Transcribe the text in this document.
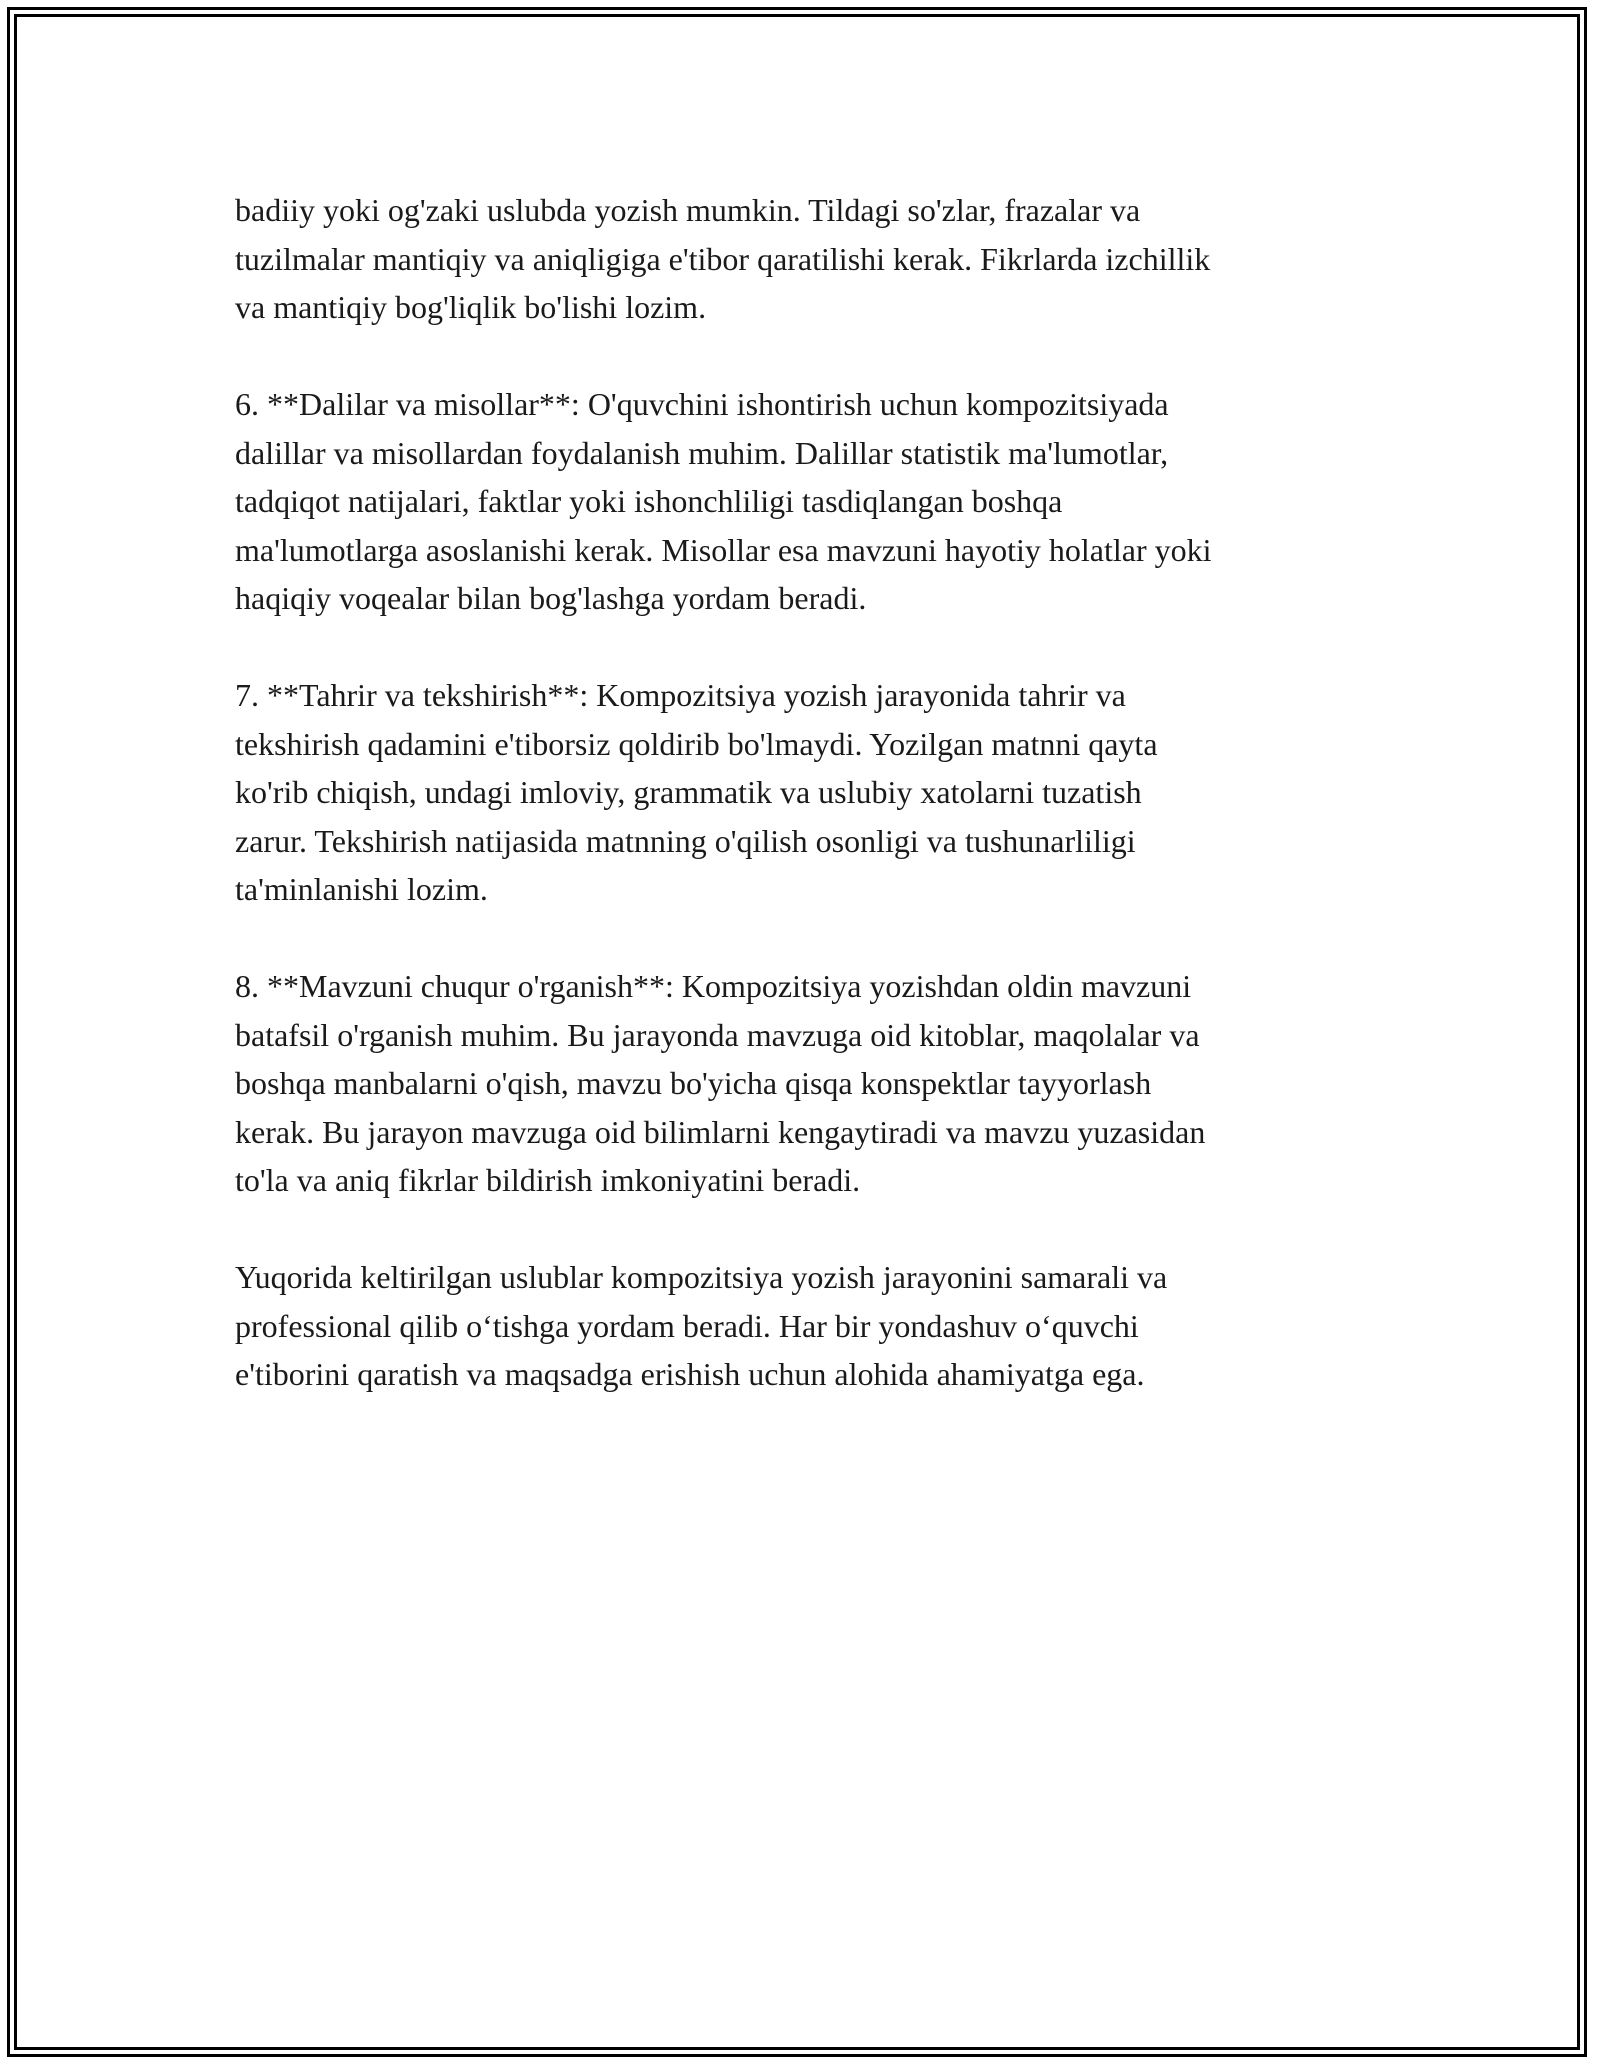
badiiy yoki og'zaki uslubda yozish mumkin. Tildagi so'zlar, frazalar va
tuzilmalar mantiqiy va aniqligiga e'tibor qaratilishi kerak. Fikrlarda izchillik
va mantiqiy bog'liqlik bo'lishi lozim.

6. **Dalilar va misollar**: O'quvchini ishontirish uchun kompozitsiyada
dalillar va misollardan foydalanish muhim. Dalillar statistik ma'lumotlar,
tadqiqot natijalari, faktlar yoki ishonchliligi tasdiqlangan boshqa
ma'lumotlarga asoslanishi kerak. Misollar esa mavzuni hayotiy holatlar yoki
haqiqiy voqealar bilan bog'lashga yordam beradi.

7. **Tahrir va tekshirish**: Kompozitsiya yozish jarayonida tahrir va
tekshirish qadamini e'tiborsiz qoldirib bo'lmaydi. Yozilgan matnni qayta
ko'rib chiqish, undagi imloviy, grammatik va uslubiy xatolarni tuzatish
zarur. Tekshirish natijasida matnning o'qilish osonligi va tushunarliligi
ta'minlanishi lozim.

8. **Mavzuni chuqur o'rganish**: Kompozitsiya yozishdan oldin mavzuni
batafsil o'rganish muhim. Bu jarayonda mavzuga oid kitoblar, maqolalar va
boshqa manbalarni o'qish, mavzu bo'yicha qisqa konspektlar tayyorlash
kerak. Bu jarayon mavzuga oid bilimlarni kengaytiradi va mavzu yuzasidan
to'la va aniq fikrlar bildirish imkoniyatini beradi.

Yuqorida keltirilgan uslublar kompozitsiya yozish jarayonini samarali va
professional qilib o‘tishga yordam beradi. Har bir yondashuv o‘quvchi
e'tiborini qaratish va maqsadga erishish uchun alohida ahamiyatga ega.
